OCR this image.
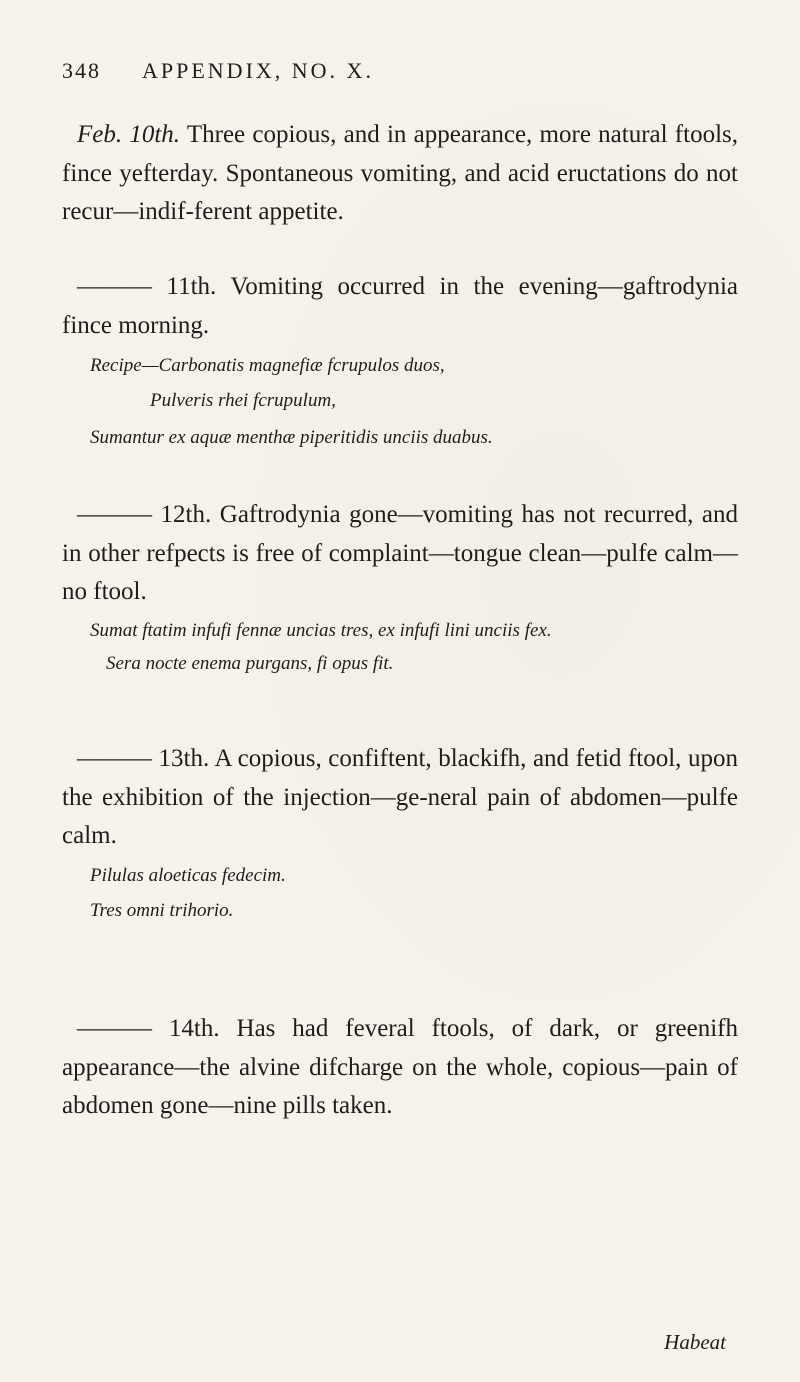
348 APPENDIX, NO. X.
Feb. 10th. Three copious, and in appearance, more natural ftools, fince yefterday. Spontaneous vomiting, and acid eructations do not recur—indif-ferent appetite.
——— 11th. Vomiting occurred in the evening—gaftrodynia fince morning.
Recipe—Carbonatis magnefiæ fcrupulos duos,
Pulveris rhei fcrupulum,
Sumantur ex aquæ menthæ piperitidis unciis duabus.
——— 12th. Gaftrodynia gone—vomiting has not recurred, and in other refpects is free of complaint—tongue clean—pulfe calm—no ftool.
Sumat ftatim infufi fennæ uncias tres, ex infufi lini unciis fex.
Sera nocte enema purgans, fi opus fit.
——— 13th. A copious, confiftent, blackifh, and fetid ftool, upon the exhibition of the injection—ge-neral pain of abdomen—pulfe calm.
Pilulas aloeticas fedecim.
Tres omni trihorio.
——— 14th. Has had feveral ftools, of dark, or greenifh appearance—the alvine difcharge on the whole, copious—pain of abdomen gone—nine pills taken.
Habeat
